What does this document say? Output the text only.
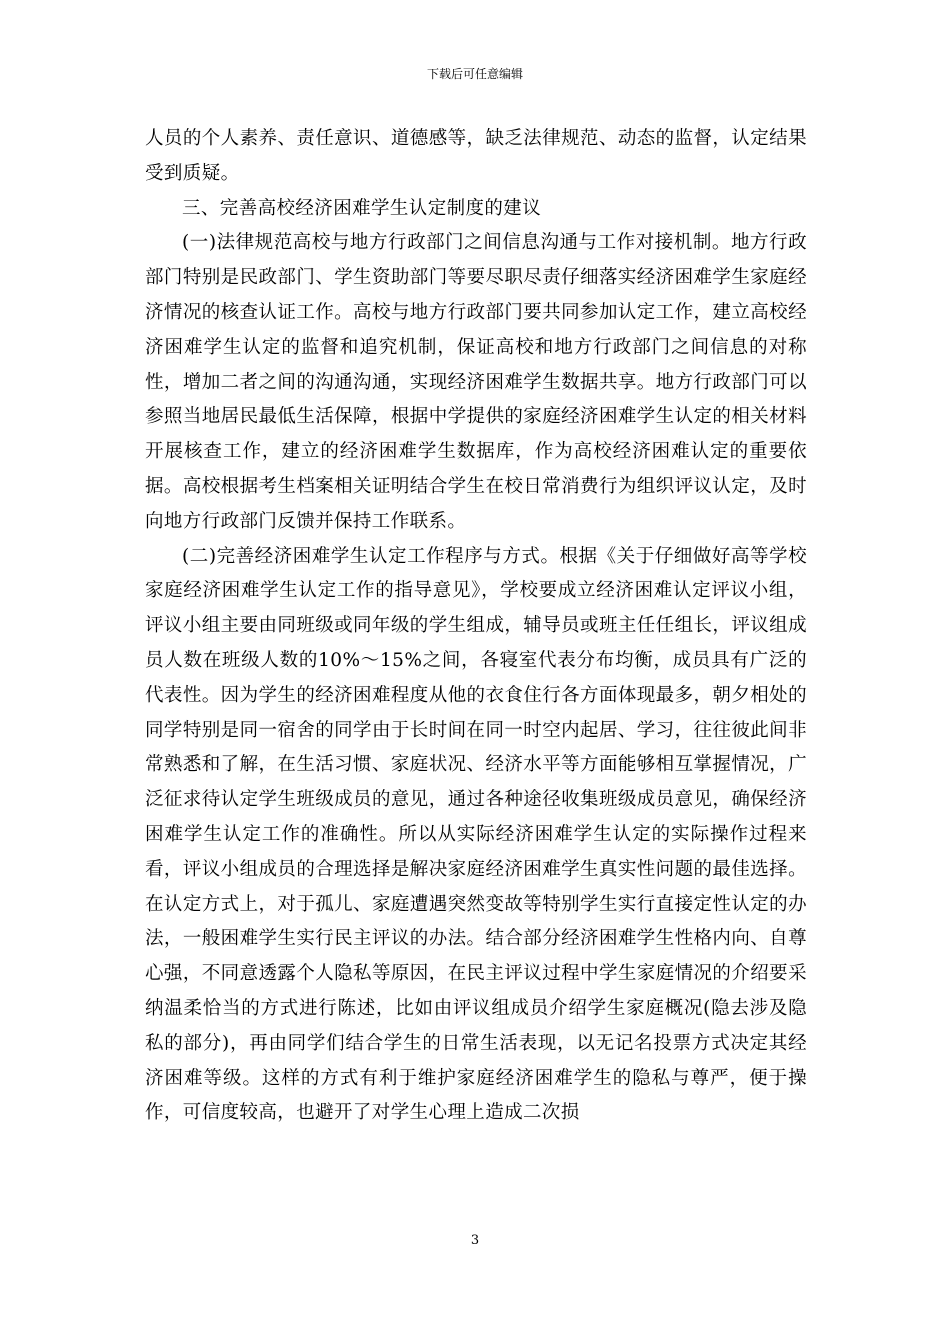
下载后可任意编辑

人员的个人素养、责任意识、道德感等，缺乏法律规范、动态的监督，认定结果受到质疑。

三、完善高校经济困难学生认定制度的建议

(一)法律规范高校与地方行政部门之间信息沟通与工作对接机制。地方行政部门特别是民政部门、学生资助部门等要尽职尽责仔细落实经济困难学生家庭经济情况的核查认证工作。高校与地方行政部门要共同参加认定工作，建立高校经济困难学生认定的监督和追究机制，保证高校和地方行政部门之间信息的对称性，增加二者之间的沟通沟通，实现经济困难学生数据共享。地方行政部门可以参照当地居民最低生活保障，根据中学提供的家庭经济困难学生认定的相关材料开展核查工作，建立的经济困难学生数据库，作为高校经济困难认定的重要依据。高校根据考生档案相关证明结合学生在校日常消费行为组织评议认定，及时向地方行政部门反馈并保持工作联系。

(二)完善经济困难学生认定工作程序与方式。根据《关于仔细做好高等学校家庭经济困难学生认定工作的指导意见》，学校要成立经济困难认定评议小组，评议小组主要由同班级或同年级的学生组成，辅导员或班主任任组长，评议组成员人数在班级人数的10%～15%之间，各寝室代表分布均衡，成员具有广泛的代表性。因为学生的经济困难程度从他的衣食住行各方面体现最多，朝夕相处的同学特别是同一宿舍的同学由于长时间在同一时空内起居、学习，往往彼此间非常熟悉和了解，在生活习惯、家庭状况、经济水平等方面能够相互掌握情况，广泛征求待认定学生班级成员的意见，通过各种途径收集班级成员意见，确保经济困难学生认定工作的准确性。所以从实际经济困难学生认定的实际操作过程来看，评议小组成员的合理选择是解决家庭经济困难学生真实性问题的最佳选择。在认定方式上，对于孤儿、家庭遭遇突然变故等特别学生实行直接定性认定的办法，一般困难学生实行民主评议的办法。结合部分经济困难学生性格内向、自尊心强，不同意透露个人隐私等原因，在民主评议过程中学生家庭情况的介绍要采纳温柔恰当的方式进行陈述，比如由评议组成员介绍学生家庭概况(隐去涉及隐私的部分)，再由同学们结合学生的日常生活表现，以无记名投票方式决定其经济困难等级。这样的方式有利于维护家庭经济困难学生的隐私与尊严，便于操作，可信度较高，也避开了对学生心理上造成二次损

3
